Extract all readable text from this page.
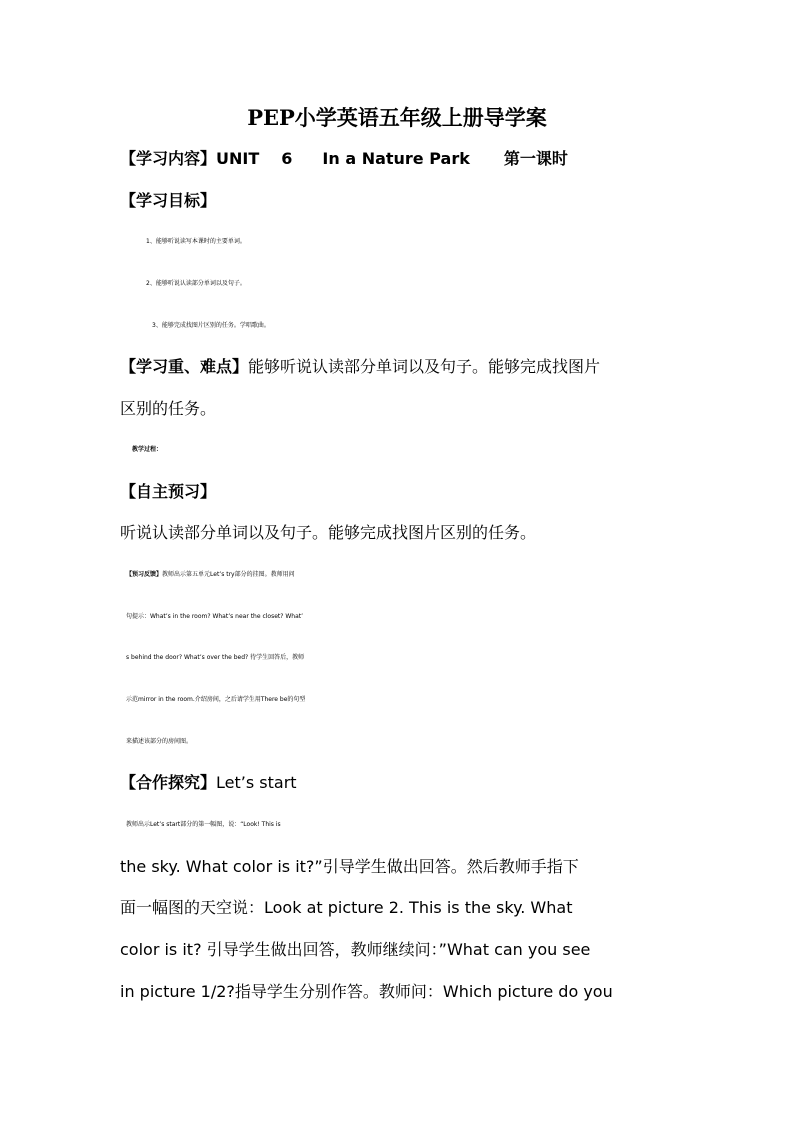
PEP小学英语五年级上册导学案
【学习内容】UNIT 6 In a Nature Park 第一课时
【学习目标】
1、能够听说读写本课时的主要单词。
2、能够听说认读部分单词以及句子。
3、能够完成找图片区别的任务。学唱歌曲。
【学习重、难点】能够听说认读部分单词以及句子。能够完成找图片
区别的任务。
教学过程：
【自主预习】
听说认读部分单词以及句子。能够完成找图片区别的任务。
【预习反馈】教师出示第五单元Let’s try部分的挂图。教师用问
句提示：What’s in the room? What’s near the closet? What’
s behind the door? What’s over the bed? 待学生回答后，教师
示范mirror in the room.介绍房间，之后请学生用There be的句型
来描述该部分的房间图。
【合作探究】Let’s start
教师出示Let’s start部分的第一幅图，说：“Look! This is
the sky. What color is it?”引导学生做出回答。然后教师手指下
面一幅图的天空说：Look at picture 2. This is the sky. What
color is it? 引导学生做出回答，教师继续问：”What can you see
in picture 1/2?指导学生分别作答。教师问：Which picture do you
